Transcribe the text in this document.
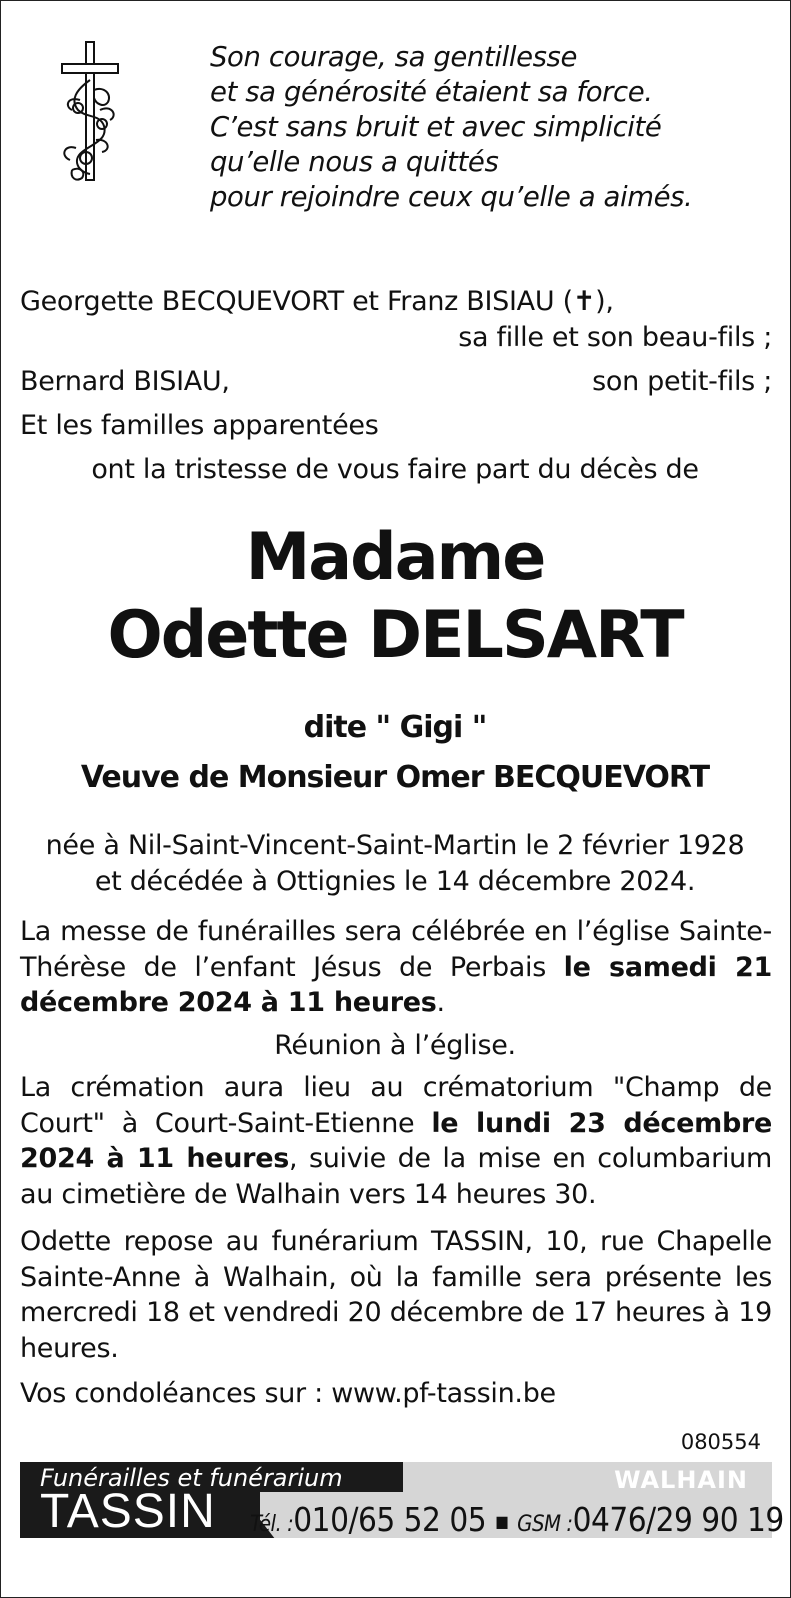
Son courage, sa gentillesse
et sa générosité étaient sa force.
C’est sans bruit et avec simplicité
qu’elle nous a quittés
pour rejoindre ceux qu’elle a aimés.
Georgette BECQUEVORT et Franz BISIAU (✝),
sa fille et son beau-fils ;
Bernard BISIAU,	son petit-fils ;
Et les familles apparentées
ont la tristesse de vous faire part du décès de
Madame
Odette DELSART
dite " Gigi "
Veuve de Monsieur Omer BECQUEVORT
née à Nil-Saint-Vincent-Saint-Martin le 2 février 1928
et décédée à Ottignies le 14 décembre 2024.
La messe de funérailles sera célébrée en l’église Sainte-Thérèse de l’enfant Jésus de Perbais le samedi 21 décembre 2024 à 11 heures.
Réunion à l’église.
La crémation aura lieu au crématorium "Champ de Court" à Court-Saint-Etienne le lundi 23 décembre 2024 à 11 heures, suivie de la mise en columbarium au cimetière de Walhain vers 14 heures 30.
Odette repose au funérarium TASSIN, 10, rue Chapelle Sainte-Anne à Walhain, où la famille sera présente les mercredi 18 et vendredi 20 décembre de 17 heures à 19 heures.
Vos condoléances sur : www.pf-tassin.be
080554
Funérailles et funérarium
TASSIN
WALHAIN
Tél. :010/65 52 05 ■ GSM :0476/29 90 19
